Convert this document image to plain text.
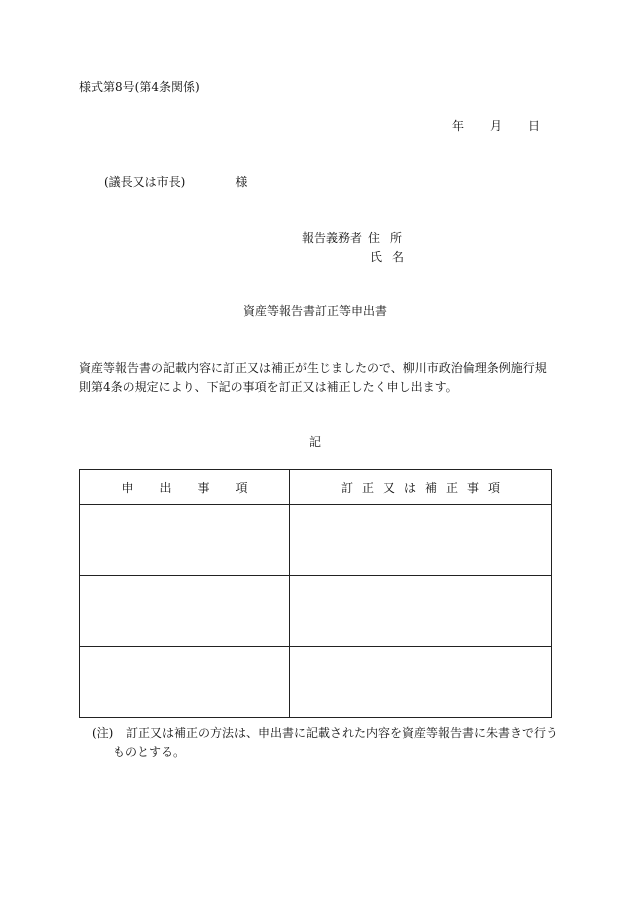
様式第8号(第4条関係)
年 月 日
(議長又は市長)	様
報告義務者 住所
氏名
資産等報告書訂正等申出書
資産等報告書の記載内容に訂正又は補正が生じましたので、柳川市政治倫理条例施行規則第4条の規定により、下記の事項を訂正又は補正したく申し出ます。
記
申出事項	訂正又は補正事項

(注) 訂正又は補正の方法は、申出書に記載された内容を資産等報告書に朱書きで行う
ものとする。
